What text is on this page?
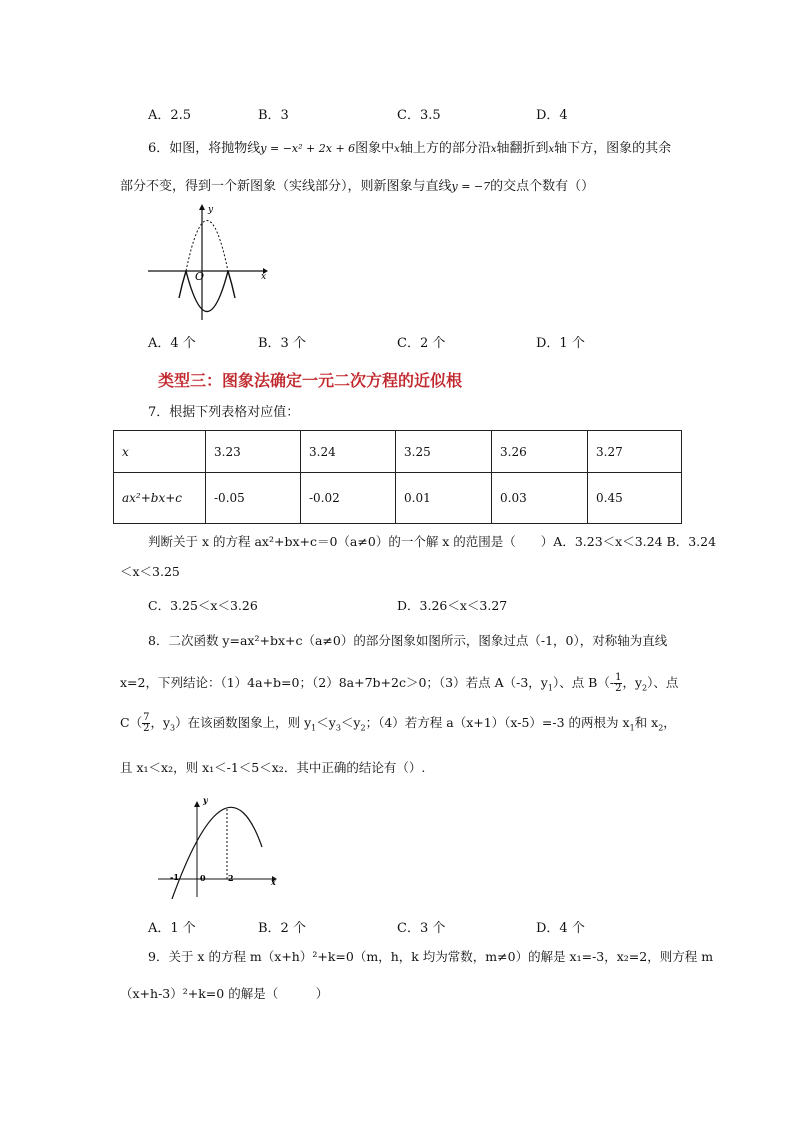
A．2.5	B．3	C．3.5	D．4
6．如图，将抛物线y = −x² + 2x + 6图象中x轴上方的部分沿x轴翻折到x轴下方，图象的其余
部分不变，得到一个新图象（实线部分），则新图象与直线y = −7的交点个数有（）
y
x
O
A．4 个	B．3 个	C．2 个	D．1 个
类型三：图象法确定一元二次方程的近似根
7．根据下列表格对应值：
x	3.23	3.24	3.25	3.26	3.27
ax²+bx+c	-0.05	-0.02	0.01	0.03	0.45
判断关于 x 的方程 ax²+bx+c＝0（a≠0）的一个解 x 的范围是（　　）A．3.23＜x＜3.24 B．3.24
＜x＜3.25
C．3.25＜x＜3.26	D．3.26＜x＜3.27
8．二次函数 y=ax²+bx+c（a≠0）的部分图象如图所示，图象过点（-1，0），对称轴为直线
x=2，下列结论：（1）4a+b=0；（2）8a+7b+2c＞0；（3）若点 A（-3，$y_1$）、点 $B(- \frac{1}{2}$ ，$y_2$）、点
$C( \frac{7}{2}$ ，$y_3$）在该函数图象上，则 $y_1<y_3<y_2$；（4）若方程 a（x+1）（x-5）=-3 的两根为 $x_1$和 $x_2$，
且 x₁＜x₂，则 x₁＜-1＜5＜x₂．其中正确的结论有（）.
y
x
-1	0	2
A．1 个	B．2 个	C．3 个	D．4 个
9．关于 x 的方程 m（x+h）²+k=0（m，h，k 均为常数，m≠0）的解是 x₁=-3，x₂=2，则方程 m
（x+h-3）²+k=0 的解是（　　　）
